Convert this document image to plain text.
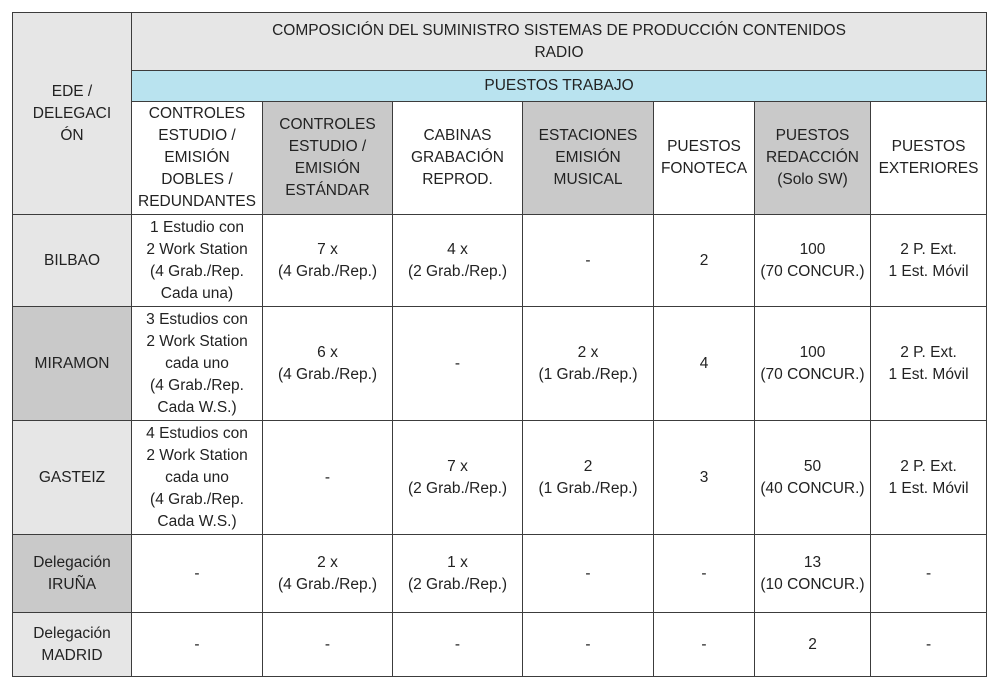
EDE /
DELEGACI
ÓN	COMPOSICIÓN DEL SUMINISTRO SISTEMAS DE PRODUCCIÓN CONTENIDOS
RADIO						

	PUESTOS TRABAJO						

	CONTROLES
ESTUDIO /
EMISIÓN
DOBLES /
REDUNDANTES	CONTROLES
ESTUDIO /
EMISIÓN
ESTÁNDAR	CABINAS
GRABACIÓN
REPROD.	ESTACIONES
EMISIÓN
MUSICAL	PUESTOS
FONOTECA	PUESTOS
REDACCIÓN
(Solo SW)	PUESTOS
EXTERIORES

BILBAO	1 Estudio con
2 Work Station
(4 Grab./Rep.
Cada una)	7 x
(4 Grab./Rep.)	4 x
(2 Grab./Rep.)	-	2	100
(70 CONCUR.)	2 P. Ext.
1 Est. Móvil

MIRAMON	3 Estudios con
2 Work Station
cada uno
(4 Grab./Rep.
Cada W.S.)	6 x
(4 Grab./Rep.)	-	2 x
(1 Grab./Rep.)	4	100
(70 CONCUR.)	2 P. Ext.
1 Est. Móvil

GASTEIZ	4 Estudios con
2 Work Station
cada uno
(4 Grab./Rep.
Cada W.S.)	-	7 x
(2 Grab./Rep.)	2
(1 Grab./Rep.)	3	50
(40 CONCUR.)	2 P. Ext.
1 Est. Móvil

Delegación
IRUÑA	-	2 x
(4 Grab./Rep.)	1 x
(2 Grab./Rep.)	-	-	13
(10 CONCUR.)	-

Delegación
MADRID	-	-	-	-	-	2	-
